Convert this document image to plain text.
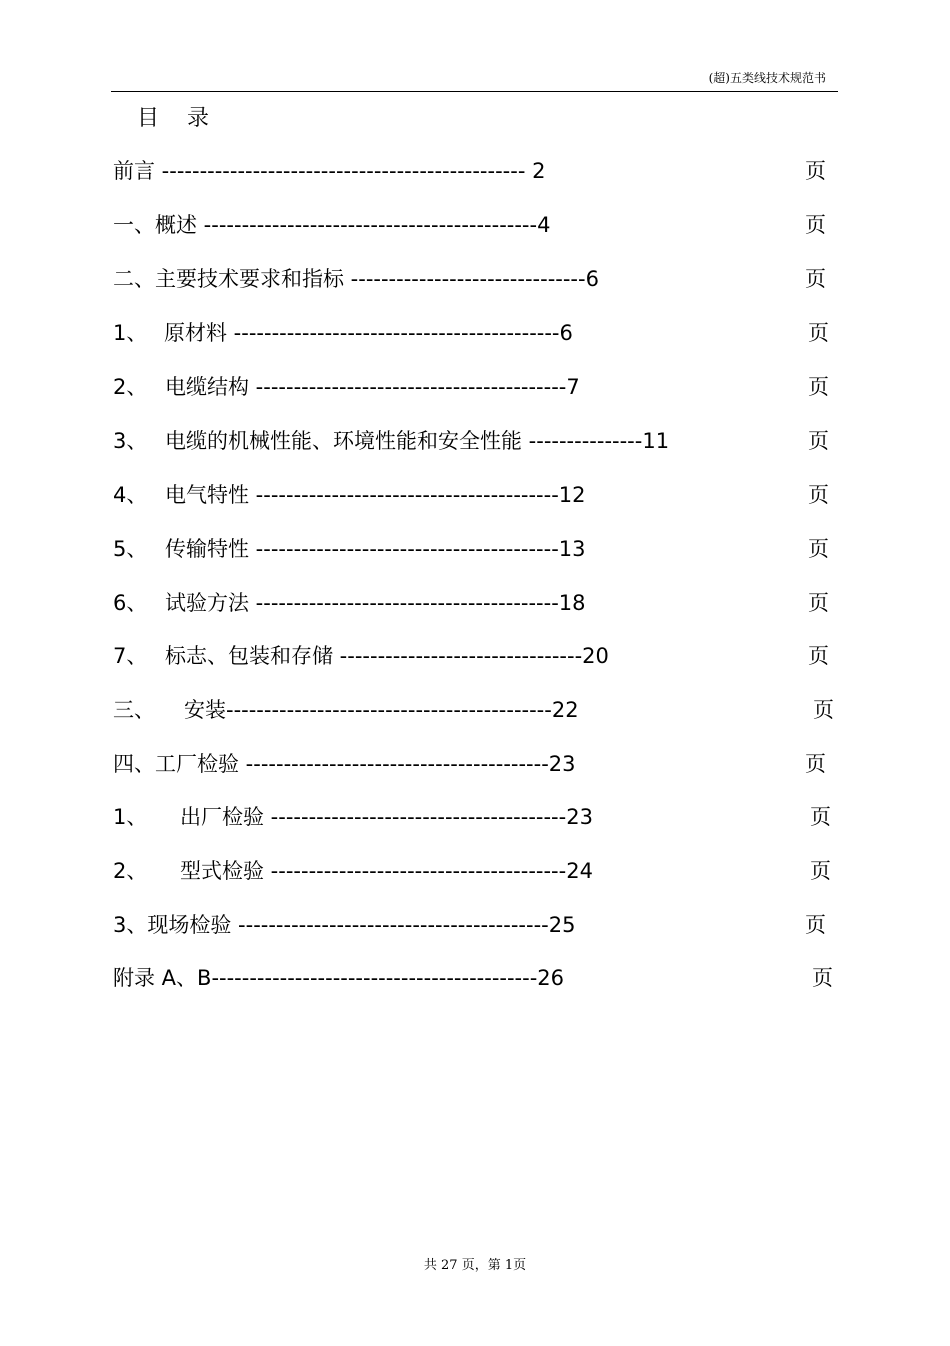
(超)五类线技术规范书
目    录
前言 ------------------------------------------------ 2	页
一、概述 --------------------------------------------4	页
二、主要技术要求和指标 -------------------------------6	页
1、 原材料 -------------------------------------------6	页
2、 电缆结构 -----------------------------------------7	页
3、 电缆的机械性能、环境性能和安全性能 ---------------11	页
4、 电气特性 ----------------------------------------12	页
5、 传输特性 ----------------------------------------13	页
6、 试验方法 ----------------------------------------18	页
7、 标志、包装和存储 --------------------------------20	页
三、 安装-------------------------------------------22	页
四、工厂检验 ----------------------------------------23	页
1、 出厂检验 ---------------------------------------23	页
2、 型式检验 ---------------------------------------24	页
3、现场检验 -----------------------------------------25	页
附录 A、B-------------------------------------------26	页
共 27 页，第 1页
